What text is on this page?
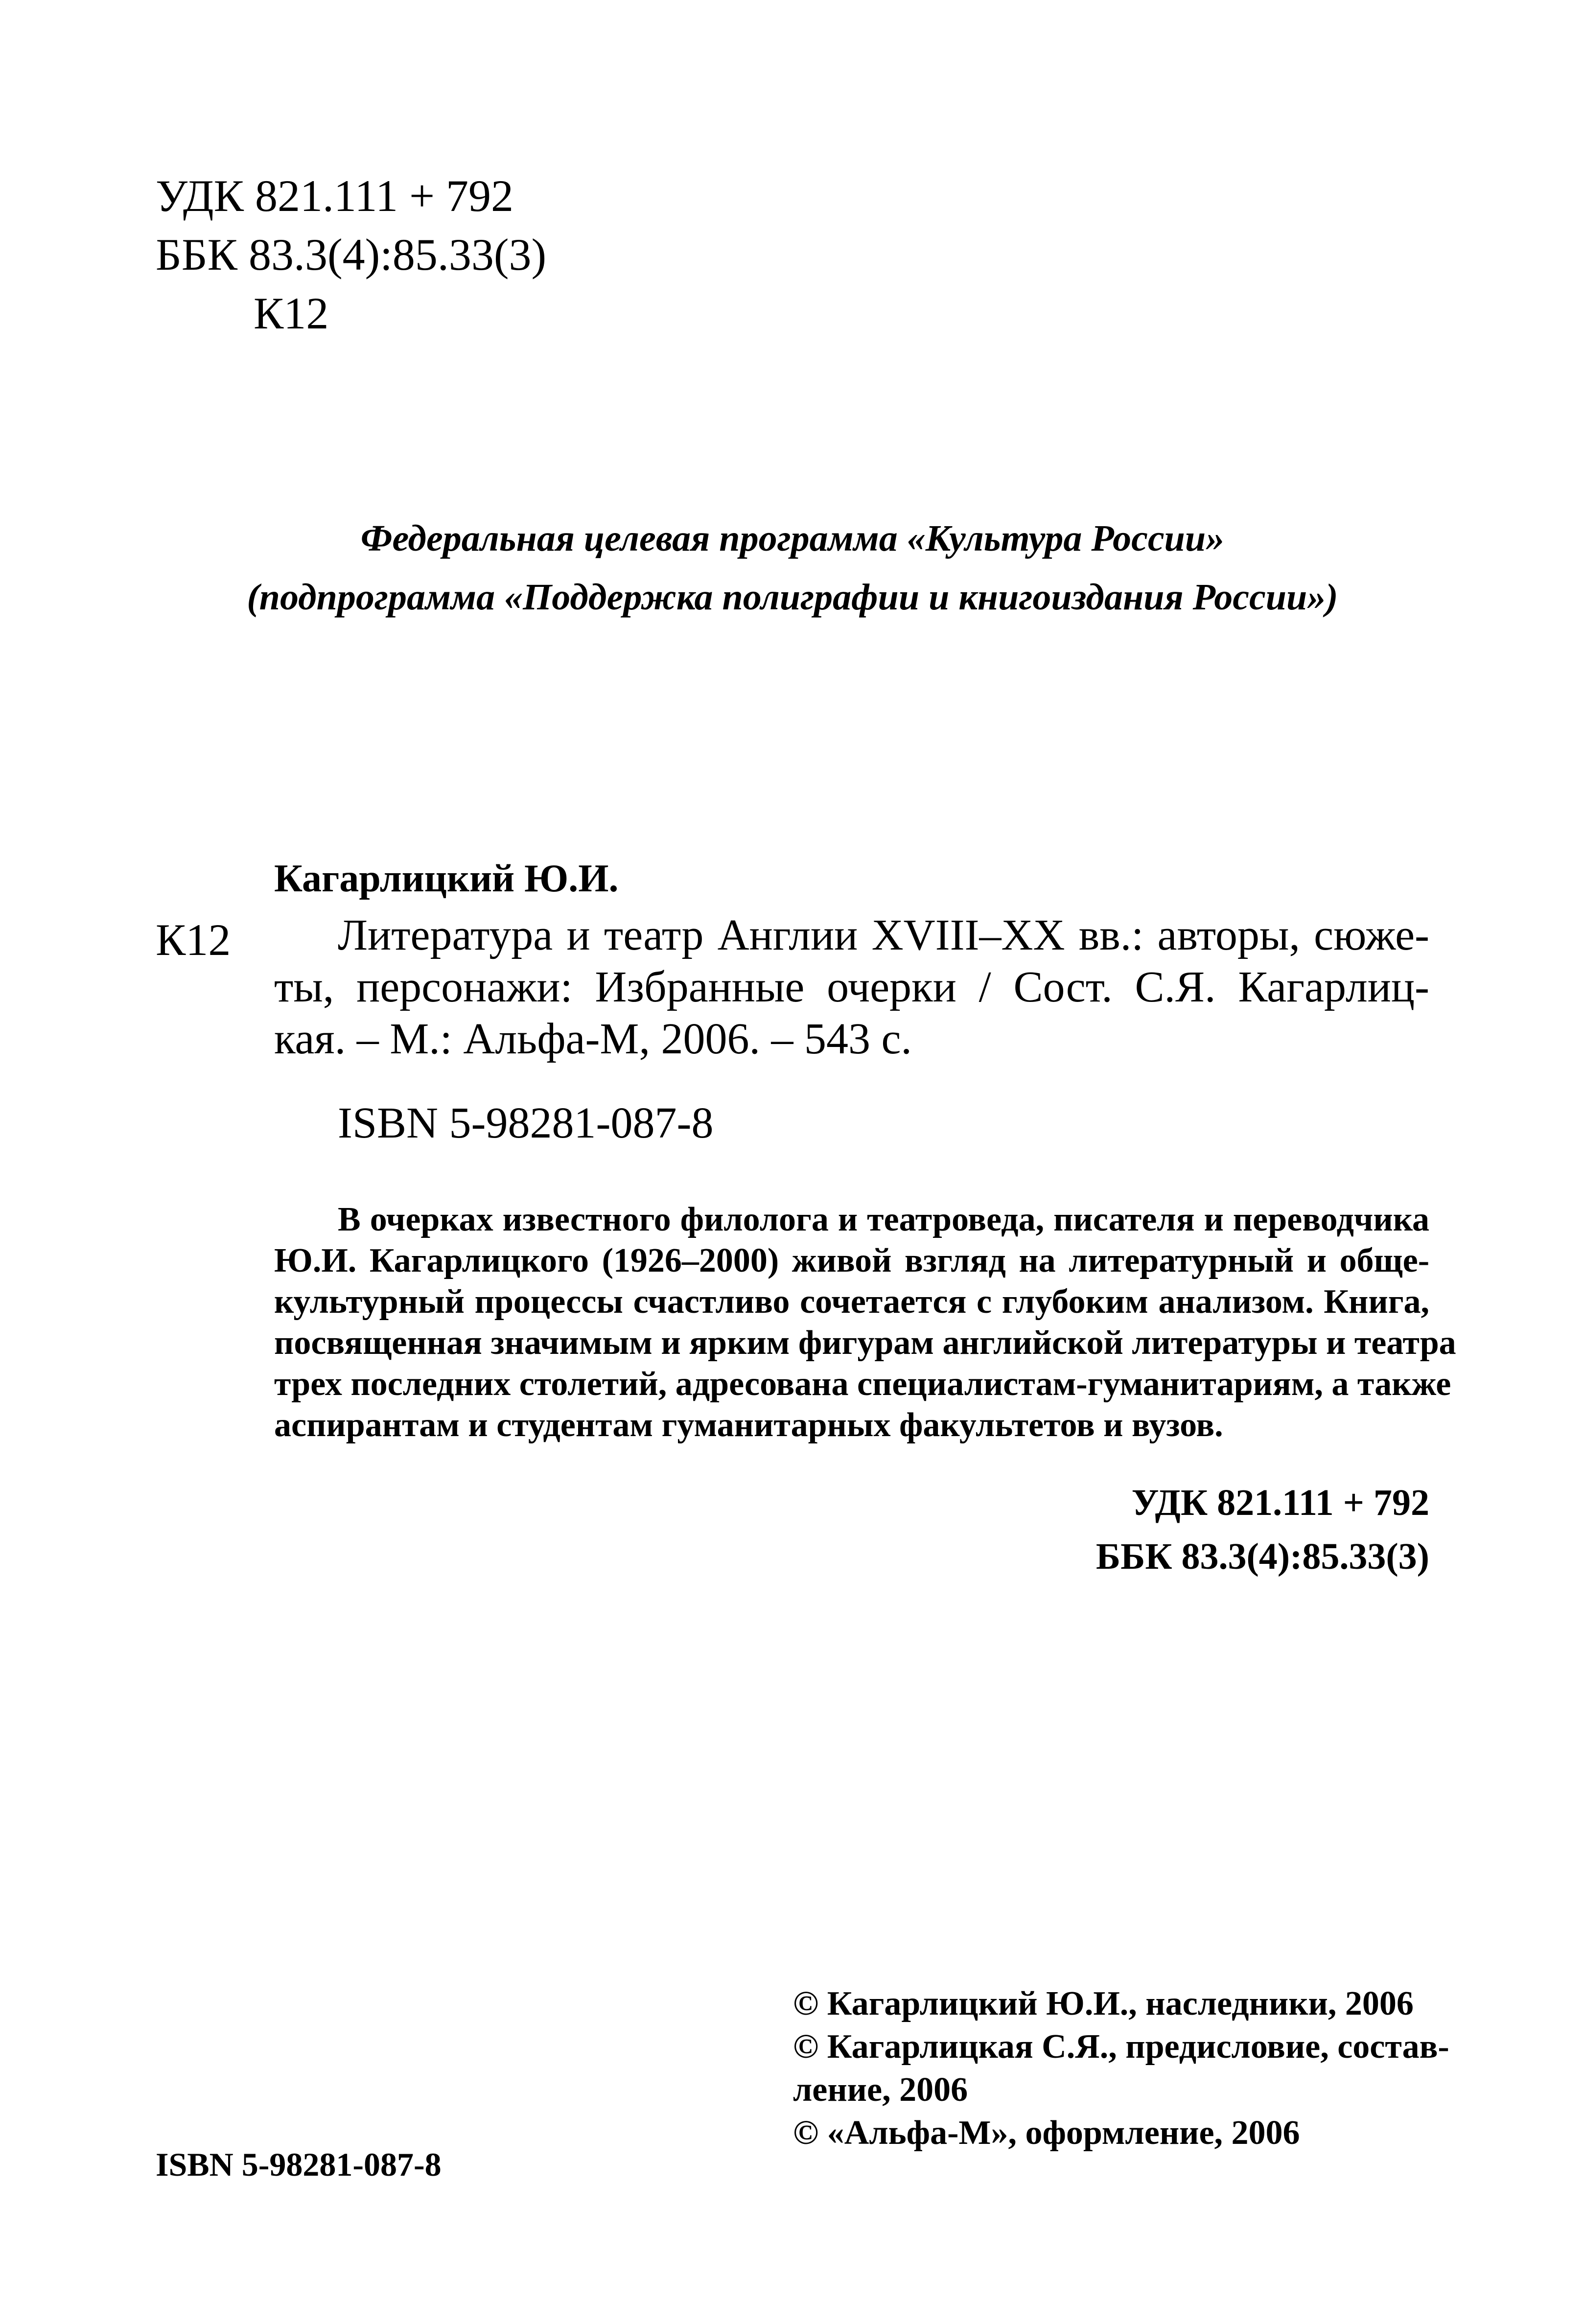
УДК 821.111 + 792
ББК 83.3(4):85.33(3)
К12
Федеральная целевая программа «Культура России»
(подпрограмма «Поддержка полиграфии и книгоиздания России»)
Кагарлицкий Ю.И.
К12	Литература и театр Англии XVIII–XX вв.: авторы, сюже-
ты, персонажи: Избранные очерки / Сост. С.Я. Кагарлиц-
кая. – М.: Альфа-М, 2006. – 543 с.
ISBN 5-98281-087-8
В очерках известного филолога и театроведа, писателя и переводчика
Ю.И. Кагарлицкого (1926–2000) живой взгляд на литературный и обще-
культурный процессы счастливо сочетается с глубоким анализом. Книга,
посвященная значимым и ярким фигурам английской литературы и театра
трех последних столетий, адресована специалистам-гуманитариям, а также
аспирантам и студентам гуманитарных факультетов и вузов.
УДК 821.111 + 792
ББК 83.3(4):85.33(3)
ISBN 5-98281-087-8
© Кагарлицкий Ю.И., наследники, 2006
© Кагарлицкая С.Я., предисловие, состав-
ление, 2006
© «Альфа-М», оформление, 2006
